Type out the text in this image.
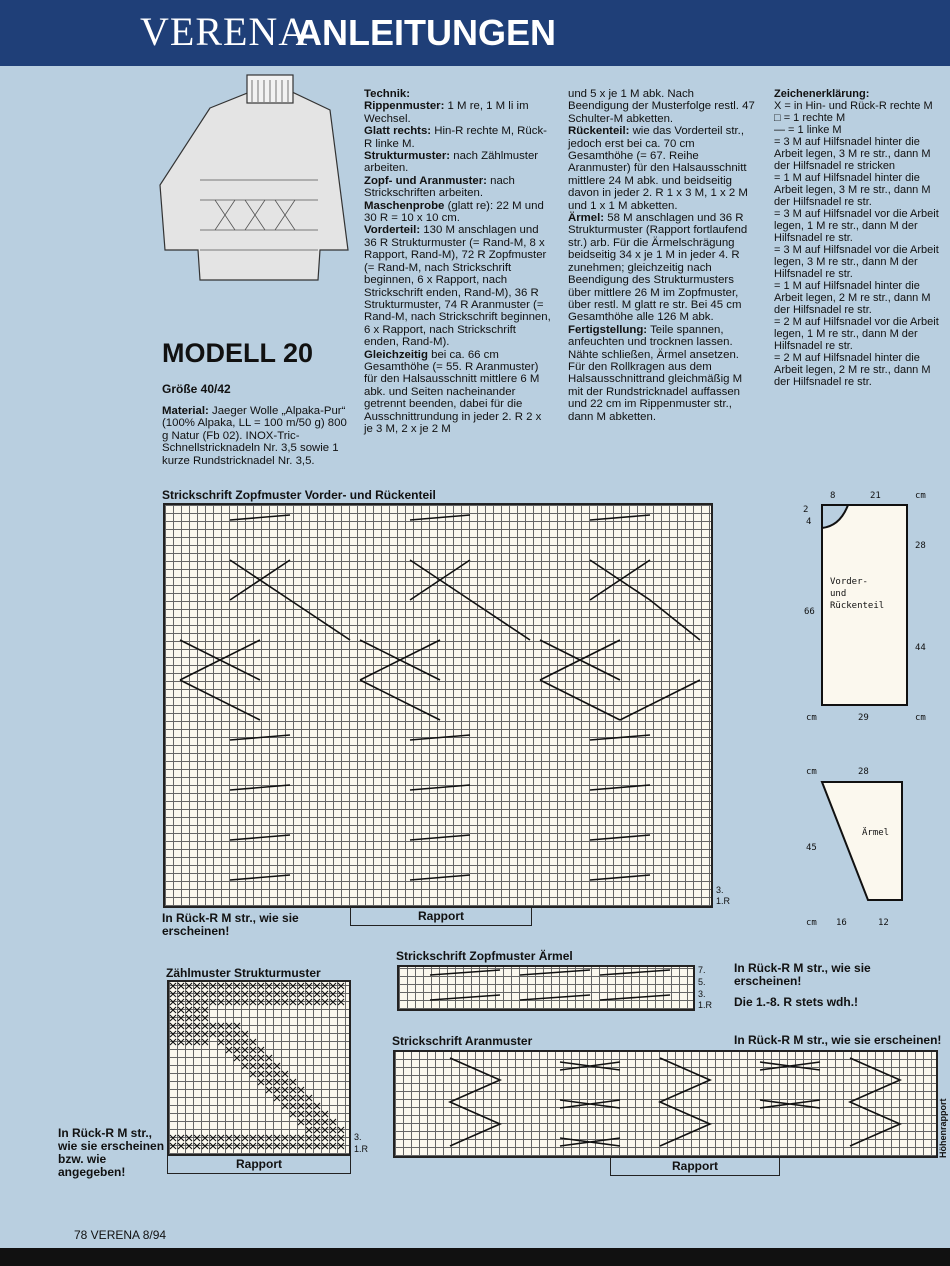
VERENA
ANLEITUNGEN
MODELL 20
Größe 40/42
Material: Jaeger Wolle „Alpaka-Pur“ (100% Alpaka, LL = 100 m/50 g) 800 g Natur (Fb 02). INOX-Tric-Schnellstricknadeln Nr. 3,5 sowie 1 kurze Rundstricknadel Nr. 3,5.

Technik:

Rippenmuster: 1 M re, 1 M li im Wechsel.

Glatt rechts: Hin-R rechte M, Rück-R linke M.

Strukturmuster: nach Zählmuster arbeiten.

Zopf- und Aranmuster: nach Strickschriften arbeiten.

Maschenprobe (glatt re): 22 M und 30 R = 10 x 10 cm.

Vorderteil: 130 M anschlagen und 36 R Strukturmuster (= Rand-M, 8 x Rapport, Rand-M), 72 R Zopfmuster (= Rand-M, nach Strickschrift beginnen, 6 x Rapport, nach Strickschrift enden, Rand-M), 36 R Strukturmuster, 74 R Aranmuster (= Rand-M, nach Strickschrift beginnen, 6 x Rapport, nach Strickschrift enden, Rand-M).

Gleichzeitig bei ca. 66 cm Gesamthöhe (= 55. R Aranmuster) für den Halsausschnitt mittlere 6 M abk. und Seiten nacheinander getrennt beenden, dabei für die Ausschnittrundung in jeder 2. R 2 x je 3 M, 2 x je 2 M

und 5 x je 1 M abk. Nach Beendigung der Musterfolge restl. 47 Schulter-M abketten.

Rückenteil: wie das Vorderteil str., jedoch erst bei ca. 70 cm Gesamthöhe (= 67. Reihe Aranmuster) für den Halsausschnitt mittlere 24 M abk. und beidseitig davon in jeder 2. R 1 x 3 M, 1 x 2 M und 1 x 1 M abketten.

Ärmel: 58 M anschlagen und 36 R Strukturmuster (Rapport fortlaufend str.) arb. Für die Ärmelschrägung beidseitig 34 x je 1 M in jeder 4. R zunehmen; gleichzeitig nach Beendigung des Strukturmusters über mittlere 26 M im Zopfmuster, über restl. M glatt re str. Bei 45 cm Gesamthöhe alle 126 M abk.

Fertigstellung: Teile spannen, anfeuchten und trocknen lassen. Nähte schließen, Ärmel ansetzen. Für den Rollkragen aus dem Halsausschnittrand gleichmäßig M mit der Rundstricknadel auffassen und 22 cm im Rippenmuster str., dann M abketten.

Zeichenerklärung:

X = in Hin- und Rück-R rechte M

□ = 1 rechte M

— = 1 linke M

= 3 M auf Hilfsnadel hinter die Arbeit legen, 3 M re str., dann M der Hilfsnadel re stricken

= 1 M auf Hilfsnadel hinter die Arbeit legen, 3 M re str., dann M der Hilfsnadel re str.

= 3 M auf Hilfsnadel vor die Arbeit legen, 1 M re str., dann M der Hilfsnadel re str.

= 3 M auf Hilfsnadel vor die Arbeit legen, 3 M re str., dann M der Hilfsnadel re str.

= 1 M auf Hilfsnadel hinter die Arbeit legen, 2 M re str., dann M der Hilfsnadel re str.

= 2 M auf Hilfsnadel vor die Arbeit legen, 1 M re str., dann M der Hilfsnadel re str.

= 2 M auf Hilfsnadel hinter die Arbeit legen, 2 M re str., dann M der Hilfsnadel re str.

Strickschrift Zopfmuster Vorder- und Rückenteil
3.
1.R
Rapport
In Rück-R M str., wie sie erscheinen!
8	21	cm
2
4
66
28
44
29
cm	cm
Vorder-
und
Rückenteil
cm	28
45
Ärmel
cm 16	12
Strickschrift Zopfmuster Ärmel
7.
5.
3.
1.R
In Rück-R M str., wie sie erscheinen!
Die 1.-8. R stets wdh.!
Zählmuster Strukturmuster
3.
1.R
Rapport
In Rück-R M str., wie sie erscheinen bzw. wie angegeben!
Strickschrift Aranmuster	In Rück-R M str., wie sie erscheinen!
Rapport
Höhenrapport
78 VERENA 8/94
